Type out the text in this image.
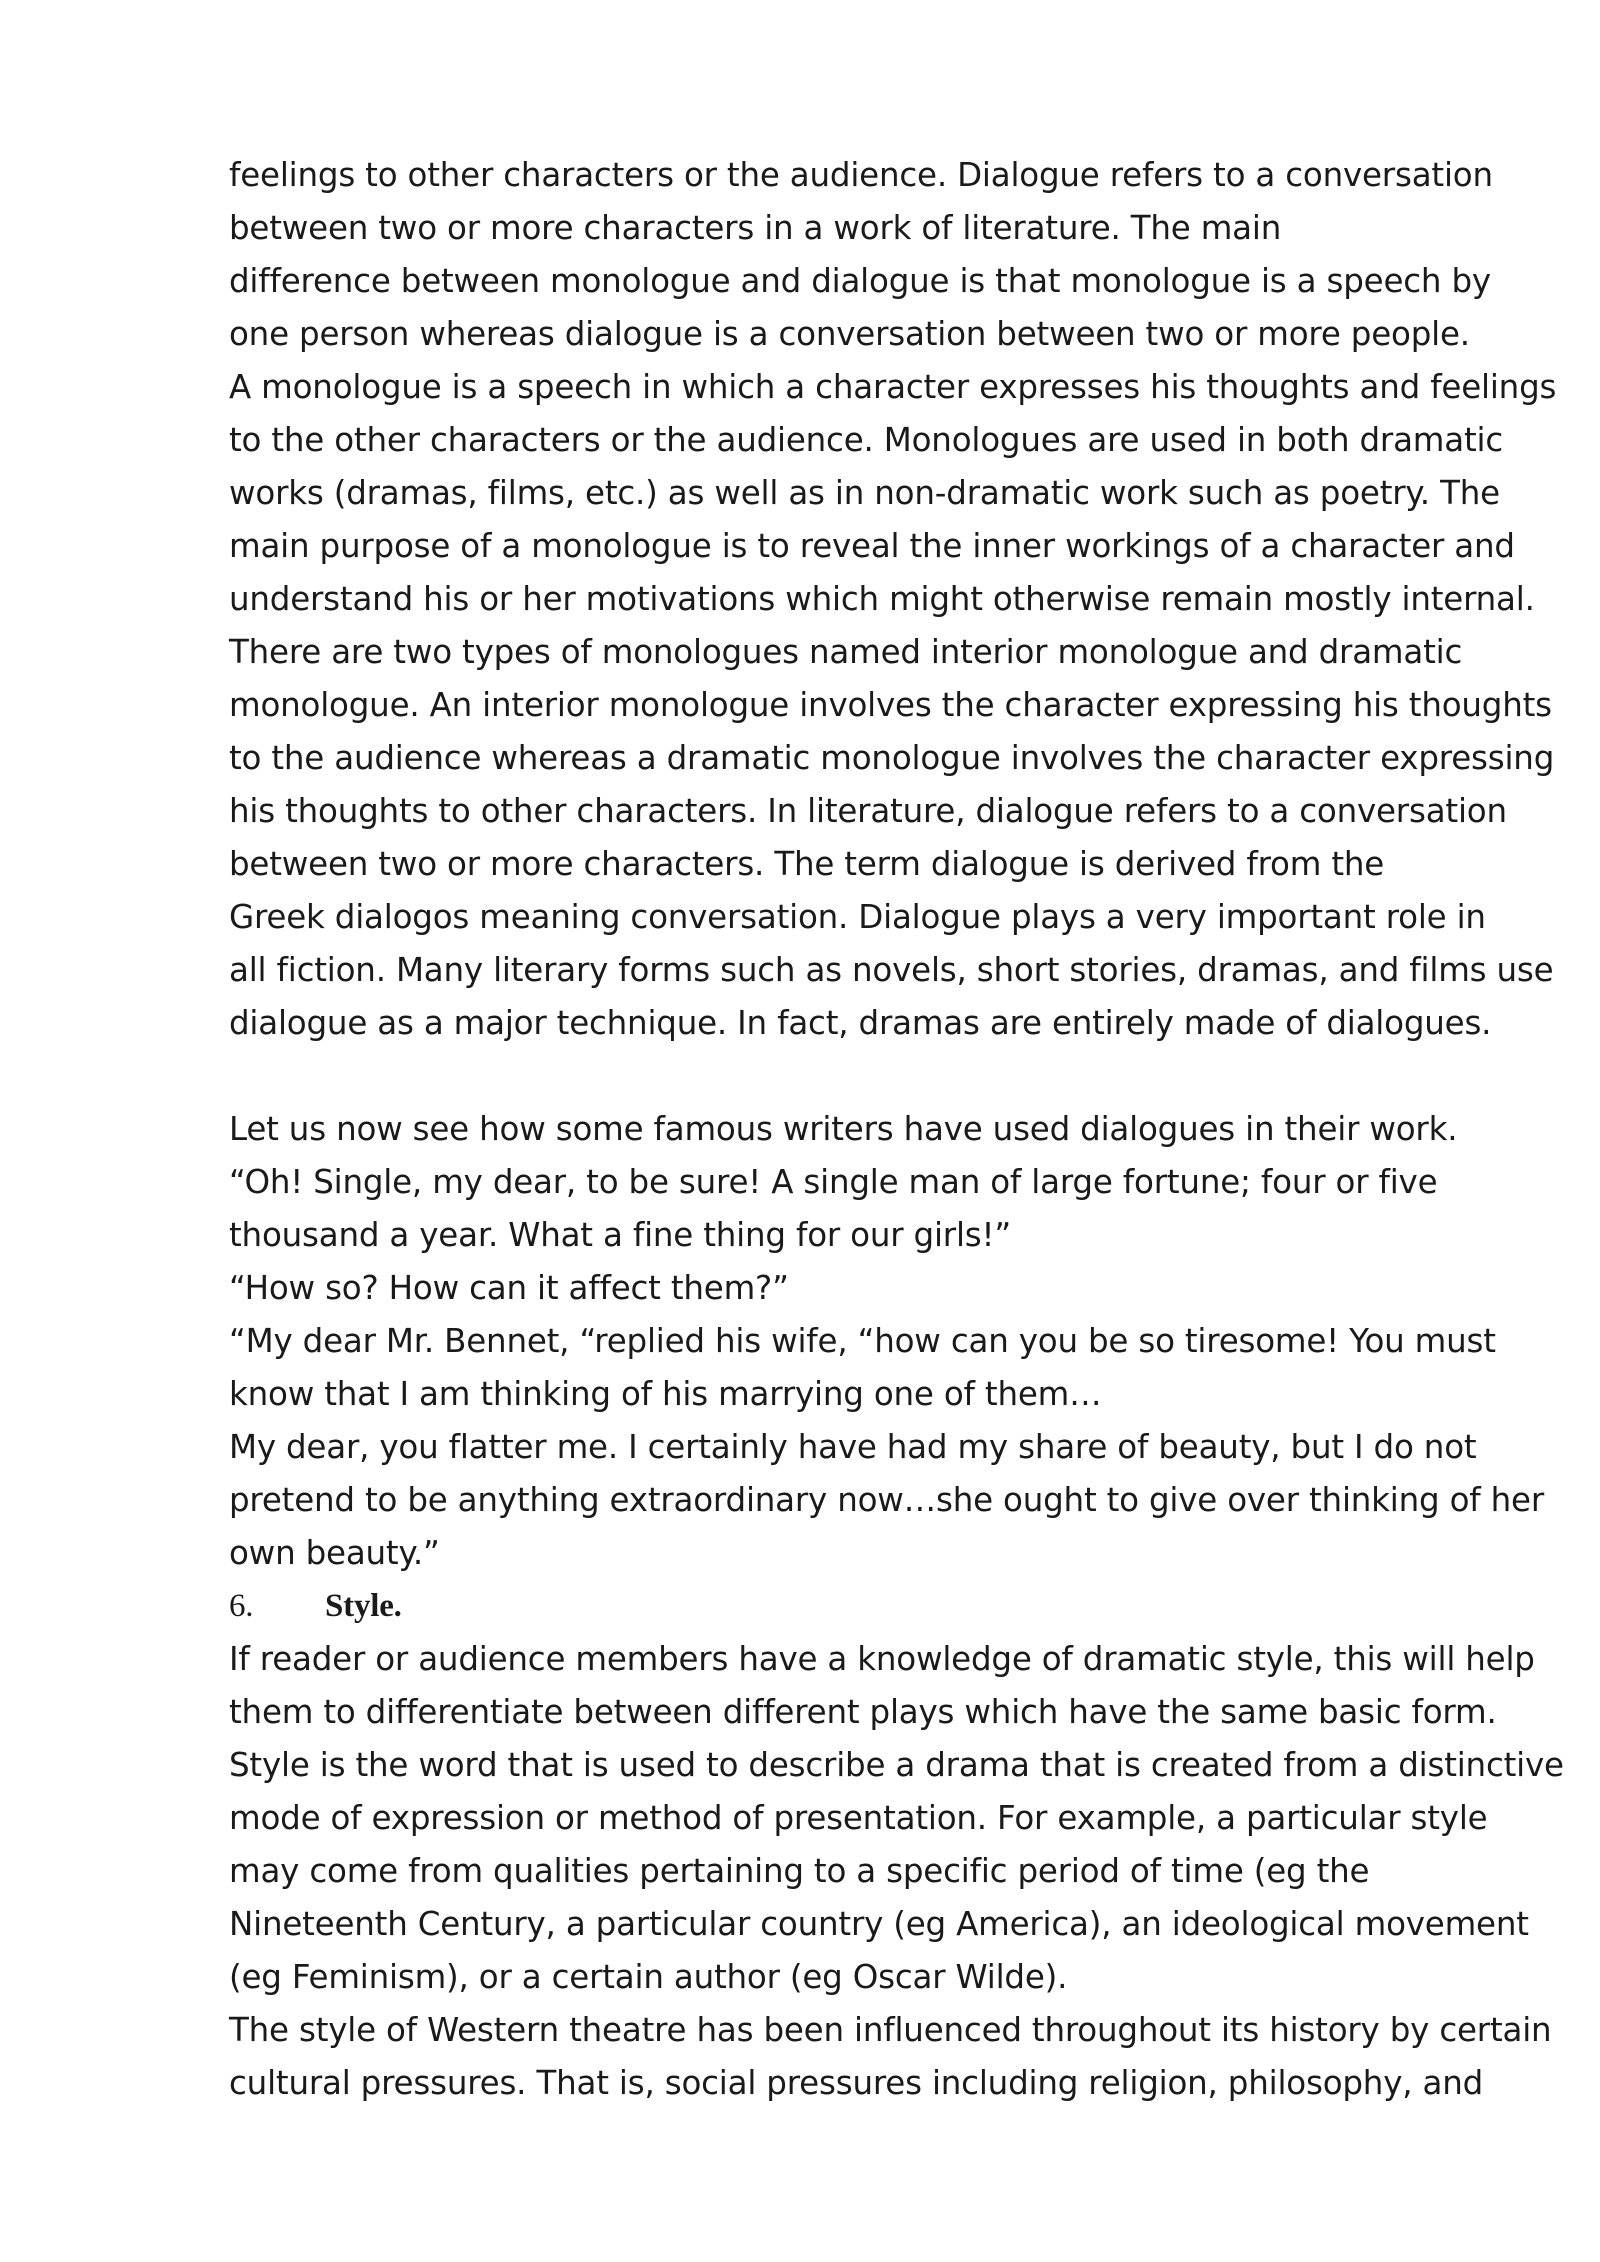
feelings to other characters or the audience. Dialogue refers to a conversation
between two or more characters in a work of literature. The main
difference between monologue and dialogue is that monologue is a speech by
one person whereas dialogue is a conversation between two or more people.
A monologue is a speech in which a character expresses his thoughts and feelings
to the other characters or the audience. Monologues are used in both dramatic
works (dramas, films, etc.) as well as in non-dramatic work such as poetry. The
main purpose of a monologue is to reveal the inner workings of a character and
understand his or her motivations which might otherwise remain mostly internal.
There are two types of monologues named interior monologue and dramatic
monologue. An interior monologue involves the character expressing his thoughts
to the audience whereas a dramatic monologue involves the character expressing
his thoughts to other characters. In literature, dialogue refers to a conversation
between two or more characters. The term dialogue is derived from the
Greek dialogos meaning conversation. Dialogue plays a very important role in
all fiction. Many literary forms such as novels, short stories, dramas, and films use
dialogue as a major technique. In fact, dramas are entirely made of dialogues.
Let us now see how some famous writers have used dialogues in their work.
“Oh! Single, my dear, to be sure! A single man of large fortune; four or five
thousand a year. What a fine thing for our girls!”
“How so? How can it affect them?”
“My dear Mr. Bennet, “replied his wife, “how can you be so tiresome! You must
know that I am thinking of his marrying one of them…
My dear, you flatter me. I certainly have had my share of beauty, but I do not
pretend to be anything extraordinary now…she ought to give over thinking of her
own beauty.”
6. Style.
If reader or audience members have a knowledge of dramatic style, this will help
them to differentiate between different plays which have the same basic form.
Style is the word that is used to describe a drama that is created from a distinctive
mode of expression or method of presentation. For example, a particular style
may come from qualities pertaining to a specific period of time (eg the
Nineteenth Century, a particular country (eg America), an ideological movement
(eg Feminism), or a certain author (eg Oscar Wilde).
The style of Western theatre has been influenced throughout its history by certain
cultural pressures. That is, social pressures including religion, philosophy, and
